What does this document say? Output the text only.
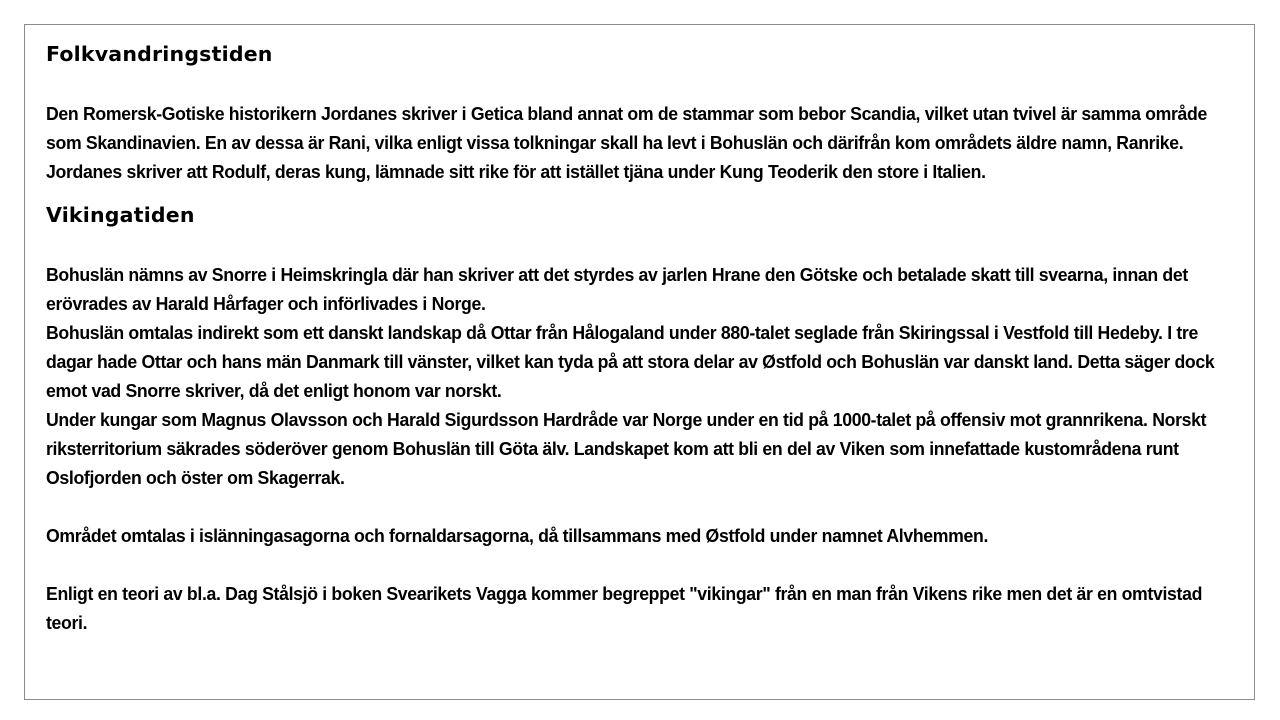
Folkvandringstiden

Den Romersk-Gotiske historikern Jordanes skriver i Getica bland annat om de stammar som bebor Scandia, vilket utan tvivel är samma område som Skandinavien. En av dessa är Rani, vilka enligt vissa tolkningar skall ha levt i Bohuslän och därifrån kom områdets äldre namn, Ranrike. Jordanes skriver att Rodulf, deras kung, lämnade sitt rike för att istället tjäna under Kung Teoderik den store i Italien.

Vikingatiden

Bohuslän nämns av Snorre i Heimskringla där han skriver att det styrdes av jarlen Hrane den Götske och betalade skatt till svearna, innan det erövrades av Harald Hårfager och införlivades i Norge.

Bohuslän omtalas indirekt som ett danskt landskap då Ottar från Hålogaland under 880-talet seglade från Skiringssal i Vestfold till Hedeby. I tre dagar hade Ottar och hans män Danmark till vänster, vilket kan tyda på att stora delar av Østfold och Bohuslän var danskt land. Detta säger dock emot vad Snorre skriver, då det enligt honom var norskt.

Under kungar som Magnus Olavsson och Harald Sigurdsson Hardråde var Norge under en tid på 1000-talet på offensiv mot grannrikena. Norskt riksterritorium säkrades söderöver genom Bohuslän till Göta älv. Landskapet kom att bli en del av Viken som innefattade kustområdena runt Oslofjorden och öster om Skagerrak.

Området omtalas i islänningasagorna och fornaldarsagorna, då tillsammans med Østfold under namnet Alvhemmen.

Enligt en teori av bl.a. Dag Stålsjö i boken Svearikets Vagga kommer begreppet "vikingar" från en man från Vikens rike men det är en omtvistad teori.
